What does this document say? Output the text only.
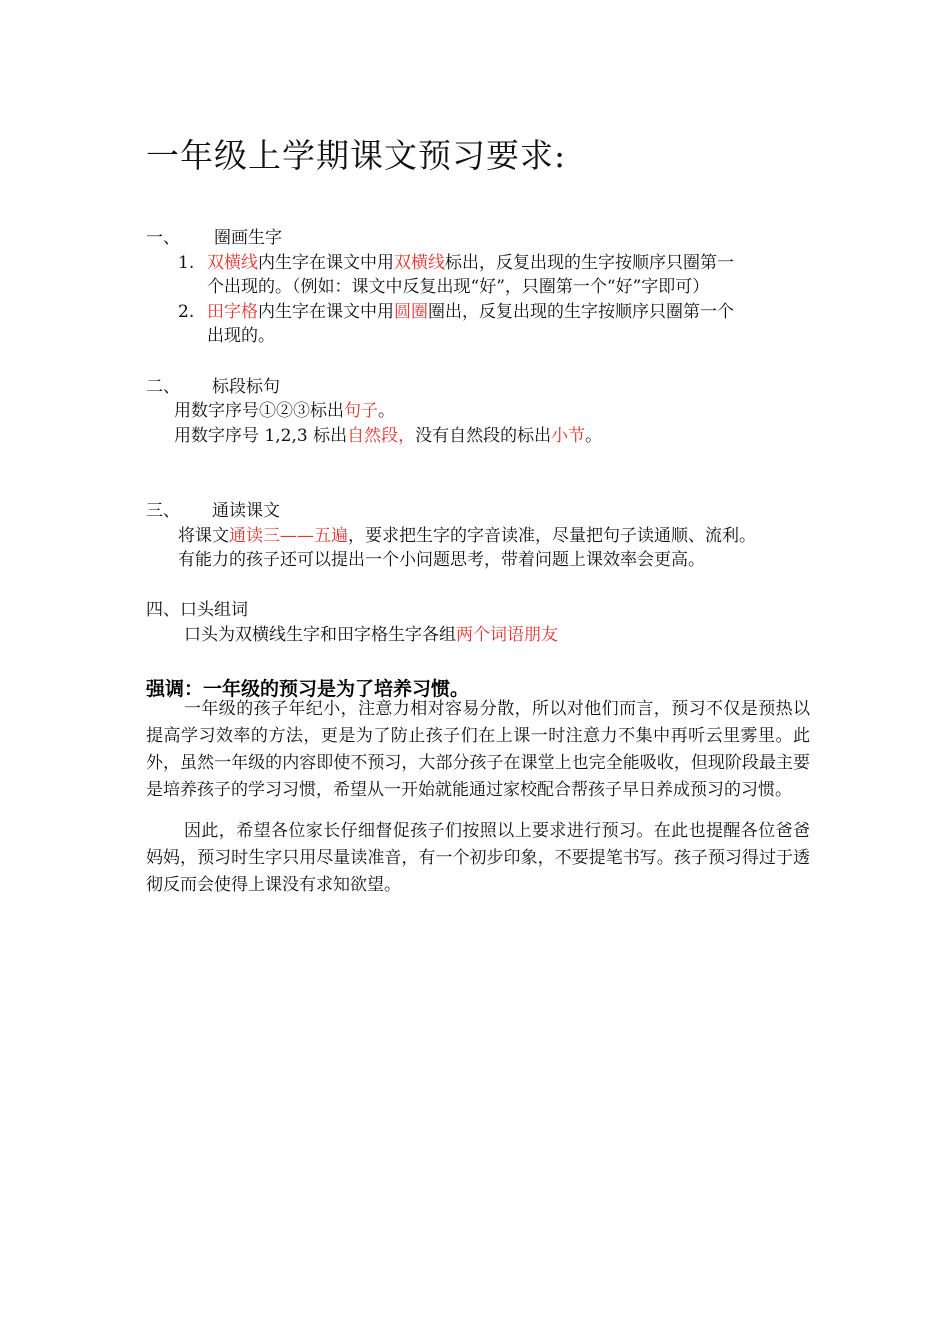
一年级上学期课文预习要求:
一、 圈画生字
1. 双横线内生字在课文中用双横线标出，反复出现的生字按顺序只圈第一
个出现的。（例如：课文中反复出现“好”，只圈第一个“好”字即可）
2. 田字格内生字在课文中用圆圈圈出，反复出现的生字按顺序只圈第一个
出现的。
二、 标段标句
用数字序号①②③标出句子。
用数字序号 1,2,3 标出自然段，没有自然段的标出小节。
三、 通读课文
将课文通读三——五遍，要求把生字的字音读准，尽量把句子读通顺、流利。
有能力的孩子还可以提出一个小问题思考，带着问题上课效率会更高。
四、口头组词
口头为双横线生字和田字格生字各组两个词语朋友
强调：一年级的预习是为了培养习惯。
一年级的孩子年纪小，注意力相对容易分散，所以对他们而言，预习不仅是预热以提高学习效率的方法，更是为了防止孩子们在上课一时注意力不集中再听云里雾里。此外，虽然一年级的内容即使不预习，大部分孩子在课堂上也完全能吸收，但现阶段最主要是培养孩子的学习习惯，希望从一开始就能通过家校配合帮孩子早日养成预习的习惯。
因此，希望各位家长仔细督促孩子们按照以上要求进行预习。在此也提醒各位爸爸妈妈，预习时生字只用尽量读准音，有一个初步印象，不要提笔书写。孩子预习得过于透彻反而会使得上课没有求知欲望。
